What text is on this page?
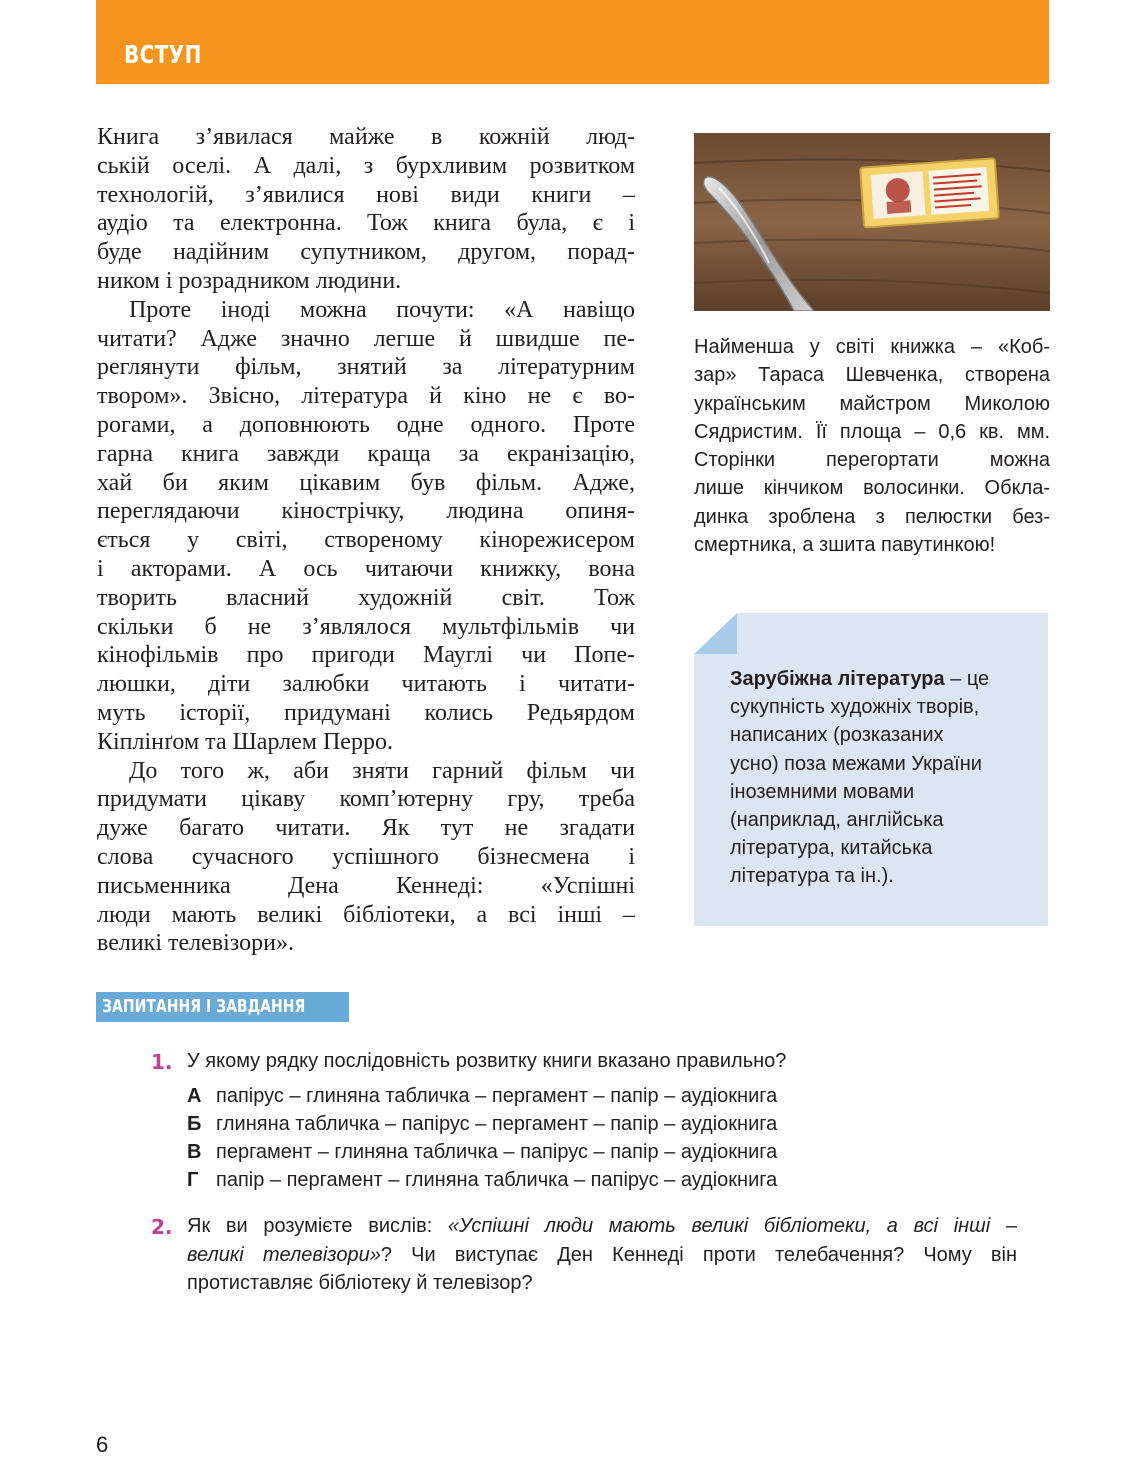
ВСТУП
Книга з’явилася майже в кожній люд-
ській оселі. А далі, з бурхливим розвитком
технологій, з’явилися нові види книги –
аудіо та електронна. Тож книга була, є і
буде надійним супутником, другом, порад-
ником і розрадником людини.
Проте іноді можна почути: «А навіщо
читати? Адже значно легше й швидше пе-
реглянути фільм, знятий за літературним
твором». Звісно, література й кіно не є во-
рогами, а доповнюють одне одного. Проте
гарна книга завжди краща за екранізацію,
хай би яким цікавим був фільм. Адже,
переглядаючи кінострічку, людина опиня-
ється у світі, створеному кінорежисером
і акторами. А ось читаючи книжку, вона
творить власний художній світ. Тож
скільки б не з’являлося мультфільмів чи
кінофільмів про пригоди Мауглі чи Попе-
люшки, діти залюбки читають і читати-
муть історії, придумані колись Редьярдом
Кіплінґом та Шарлем Перро.
До того ж, аби зняти гарний фільм чи
придумати цікаву комп’ютерну гру, треба
дуже багато читати. Як тут не згадати
слова сучасного успішного бізнесмена і
письменника Дена Кеннеді: «Успішні
люди мають великі бібліотеки, а всі інші –
великі телевізори».
Найменша у світі книжка – «Коб-
зар» Тараса Шевченка, створена
українським майстром Миколою
Сядристим. Її площа – 0,6 кв. мм.
Сторінки перегортати можна
лише кінчиком волосинки. Обкла-
динка зроблена з пелюстки без-
смертника, а зшита павутинкою!
Зарубіжна література – це
сукупність художніх творів,
написаних (розказаних
усно) поза межами України
іноземними мовами
(наприклад, англійська
література, китайська
література та ін.).
ЗАПИТАННЯ І ЗАВДАННЯ
1. У якому рядку послідовність розвитку книги вказано правильно?
А папірус – глиняна табличка – пергамент – папір – аудіокнига
Б глиняна табличка – папірус – пергамент – папір – аудіокнига
В пергамент – глиняна табличка – папірус – папір – аудіокнига
Г папір – пергамент – глиняна табличка – папірус – аудіокнига
2. Як ви розумієте вислів: «Успішні люди мають великі бібліотеки, а всі інші –
великі телевізори»? Чи виступає Ден Кеннеді проти телебачення? Чому він
протиставляє бібліотеку й телевізор?
6
